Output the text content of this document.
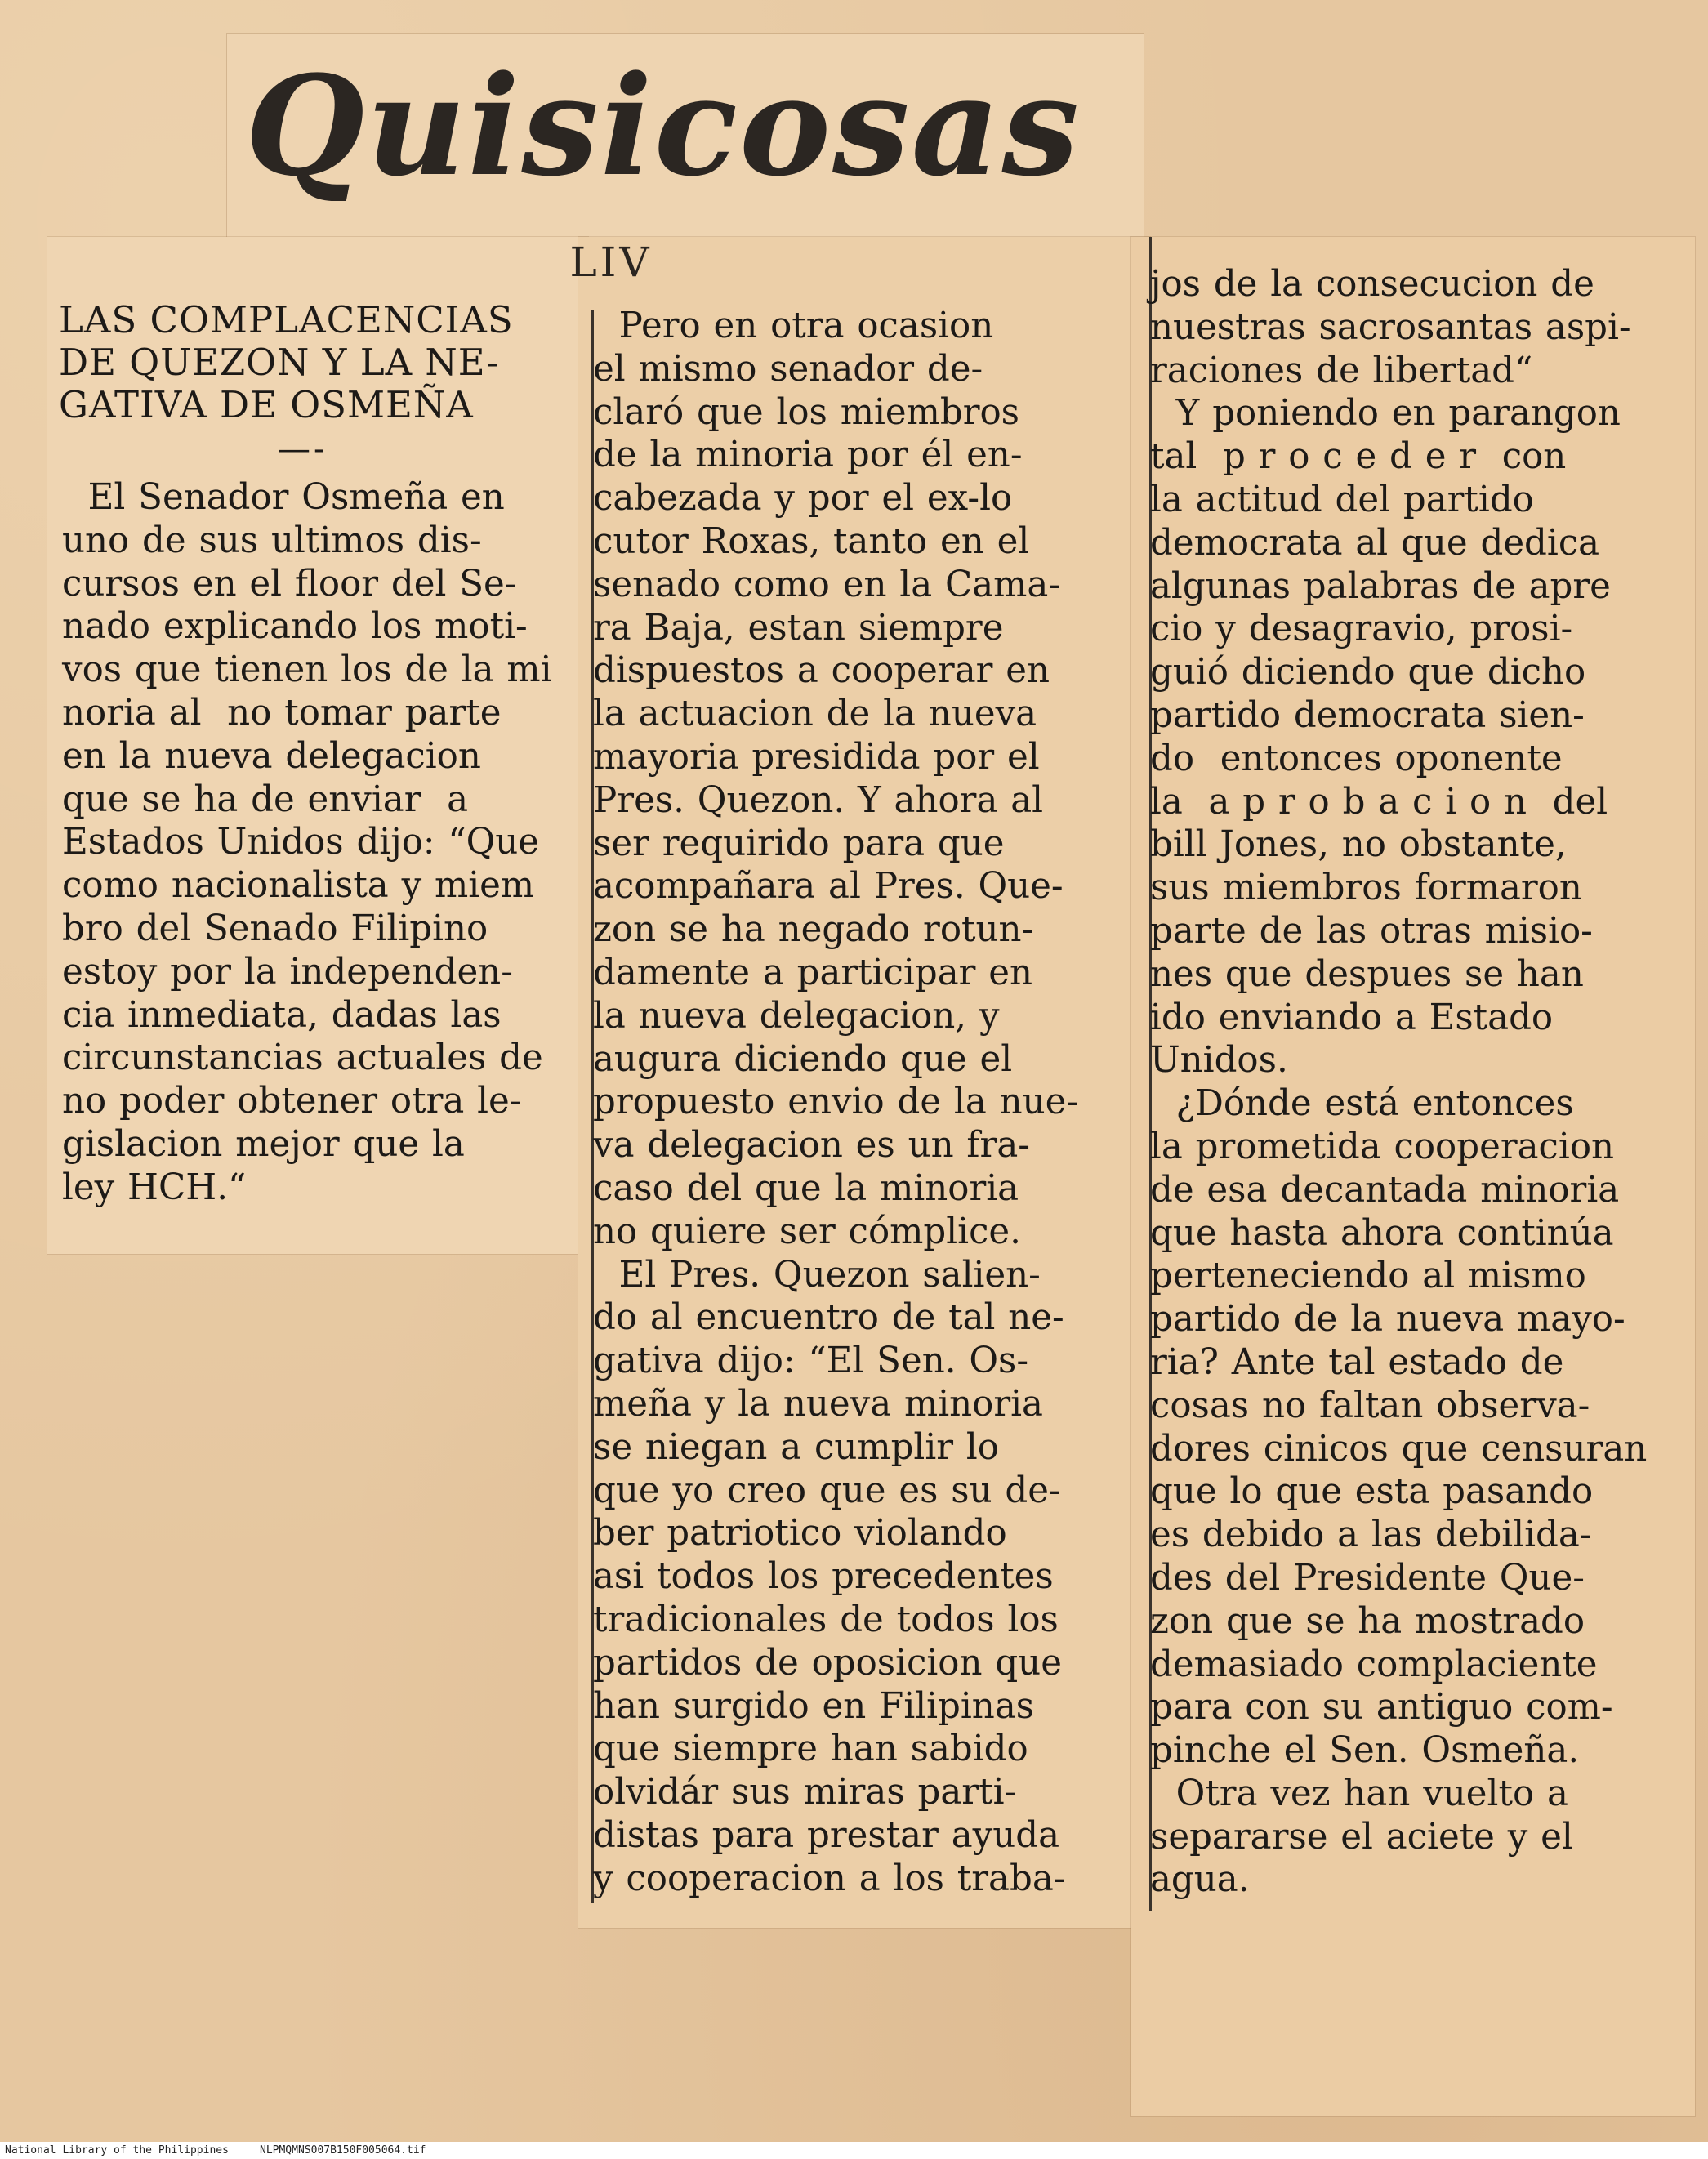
Quisicosas
LIV
LAS COMPLACENCIAS
DE QUEZON Y LA NE-
GATIVA DE OSMEÑA
—-
El Senador Osmeña en
uno de sus ultimos dis-
cursos en el floor del Se-
nado explicando los moti-
vos que tienen los de la mi
noria al  no tomar parte
en la nueva delegacion
que se ha de enviar  a
Estados Unidos dijo: “Que
como nacionalista y miem
bro del Senado Filipino
estoy por la independen-
cia inmediata, dadas las
circunstancias actuales de
no poder obtener otra le-
gislacion mejor que la
ley HCH.“
Pero en otra ocasion
el mismo senador de-
claró que los miembros
de la minoria por él en-
cabezada y por el ex-lo
cutor Roxas, tanto en el
senado como en la Cama-
ra Baja, estan siempre
dispuestos a cooperar en
la actuacion de la nueva
mayoria presidida por el
Pres. Quezon. Y ahora al
ser requirido para que
acompañara al Pres. Que-
zon se ha negado rotun-
damente a participar en
la nueva delegacion, y
augura diciendo que el
propuesto envio de la nue-
va delegacion es un fra-
caso del que la minoria
no quiere ser cómplice.
El Pres. Quezon salien-
do al encuentro de tal ne-
gativa dijo: “El Sen. Os-
meña y la nueva minoria
se niegan a cumplir lo
que yo creo que es su de-
ber patriotico violando
asi todos los precedentes
tradicionales de todos los
partidos de oposicion que
han surgido en Filipinas
que siempre han sabido
olvidár sus miras parti-
distas para prestar ayuda
y cooperacion a los traba-
jos de la consecucion de
nuestras sacrosantas aspi-
raciones de libertad“
Y poniendo en parangon
tal  p r o c e d e r  con
la actitud del partido
democrata al que dedica
algunas palabras de apre
cio y desagravio, prosi-
guió diciendo que dicho
partido democrata sien-
do  entonces oponente
la  a p r o b a c i o n  del
bill Jones, no obstante,
sus miembros formaron
parte de las otras misio-
nes que despues se han
ido enviando a Estado
Unidos.
¿Dónde está entonces
la prometida cooperacion
de esa decantada minoria
que hasta ahora continúa
perteneciendo al mismo
partido de la nueva mayo-
ria? Ante tal estado de
cosas no faltan observa-
dores cinicos que censuran
que lo que esta pasando
es debido a las debilida-
des del Presidente Que-
zon que se ha mostrado
demasiado complaciente
para con su antiguo com-
pinche el Sen. Osmeña.
Otra vez han vuelto a
separarse el aciete y el
agua.
National Library of the Philippines	NLPMQMNS007B150F005064.tif
